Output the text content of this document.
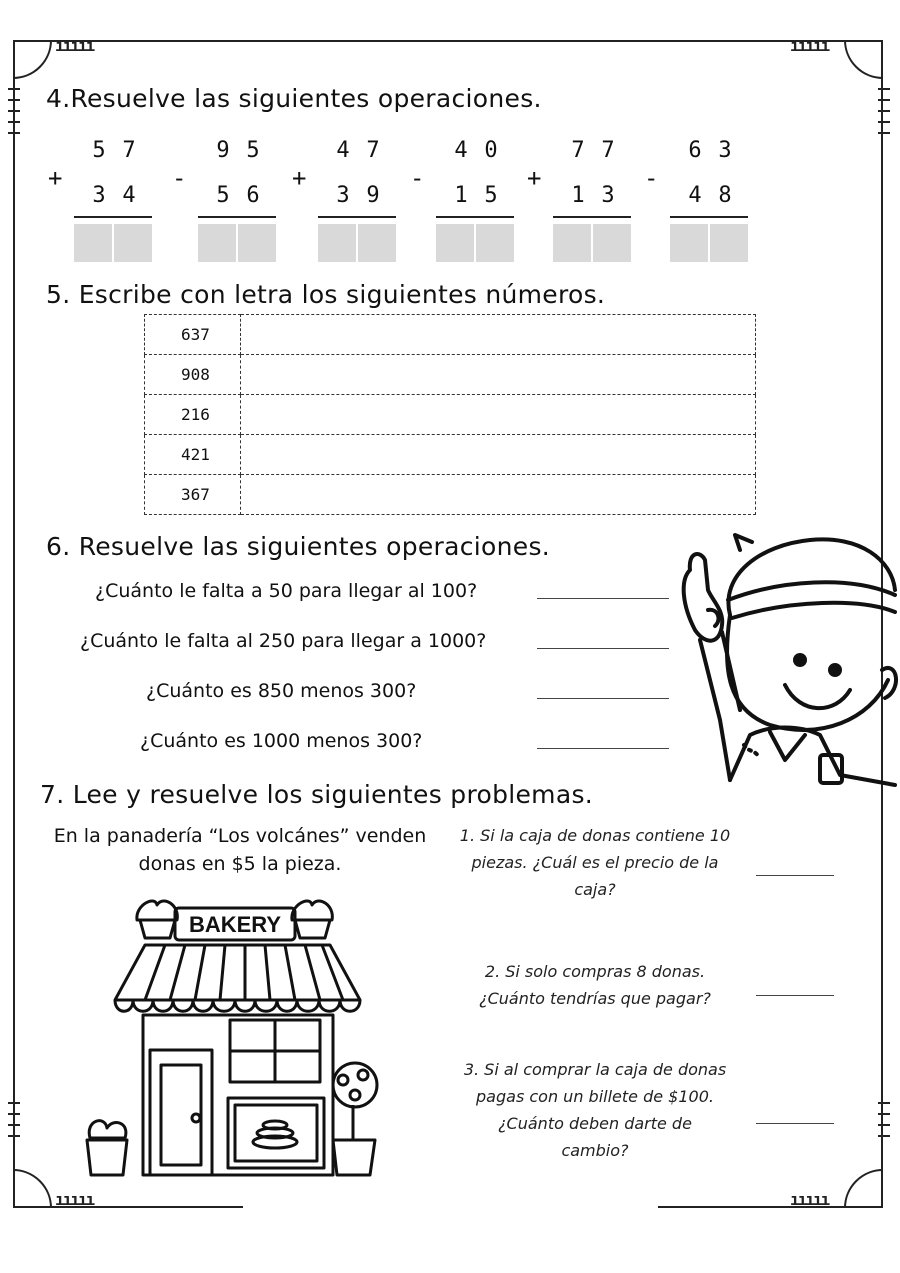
ııııı	ııııı
ııııı	ııııı
4.Resuelve las siguientes operaciones.
+
5 7
3 4
-
9 5
5 6
+
4 7
3 9
-
4 0
1 5
+
7 7
1 3
-
6 3
4 8
5. Escribe con letra los siguientes números.
637	
908	
216	
421	
367	
6. Resuelve las siguientes operaciones.
¿Cuánto le falta a 50 para llegar al 100?
¿Cuánto le falta al 250 para llegar a 1000?
¿Cuánto es 850 menos 300?
¿Cuánto es 1000 menos 300?
7. Lee y resuelve los siguientes problemas.
En la panadería “Los volcánes” venden
donas en $5 la pieza.
BAKERY
1. Si la caja de donas contiene 10
piezas. ¿Cuál es el precio de la
caja?
2. Si solo compras 8 donas.
¿Cuánto tendrías que pagar?
3. Si al comprar la caja de donas
pagas con un billete de $100.
¿Cuánto deben darte de
cambio?
